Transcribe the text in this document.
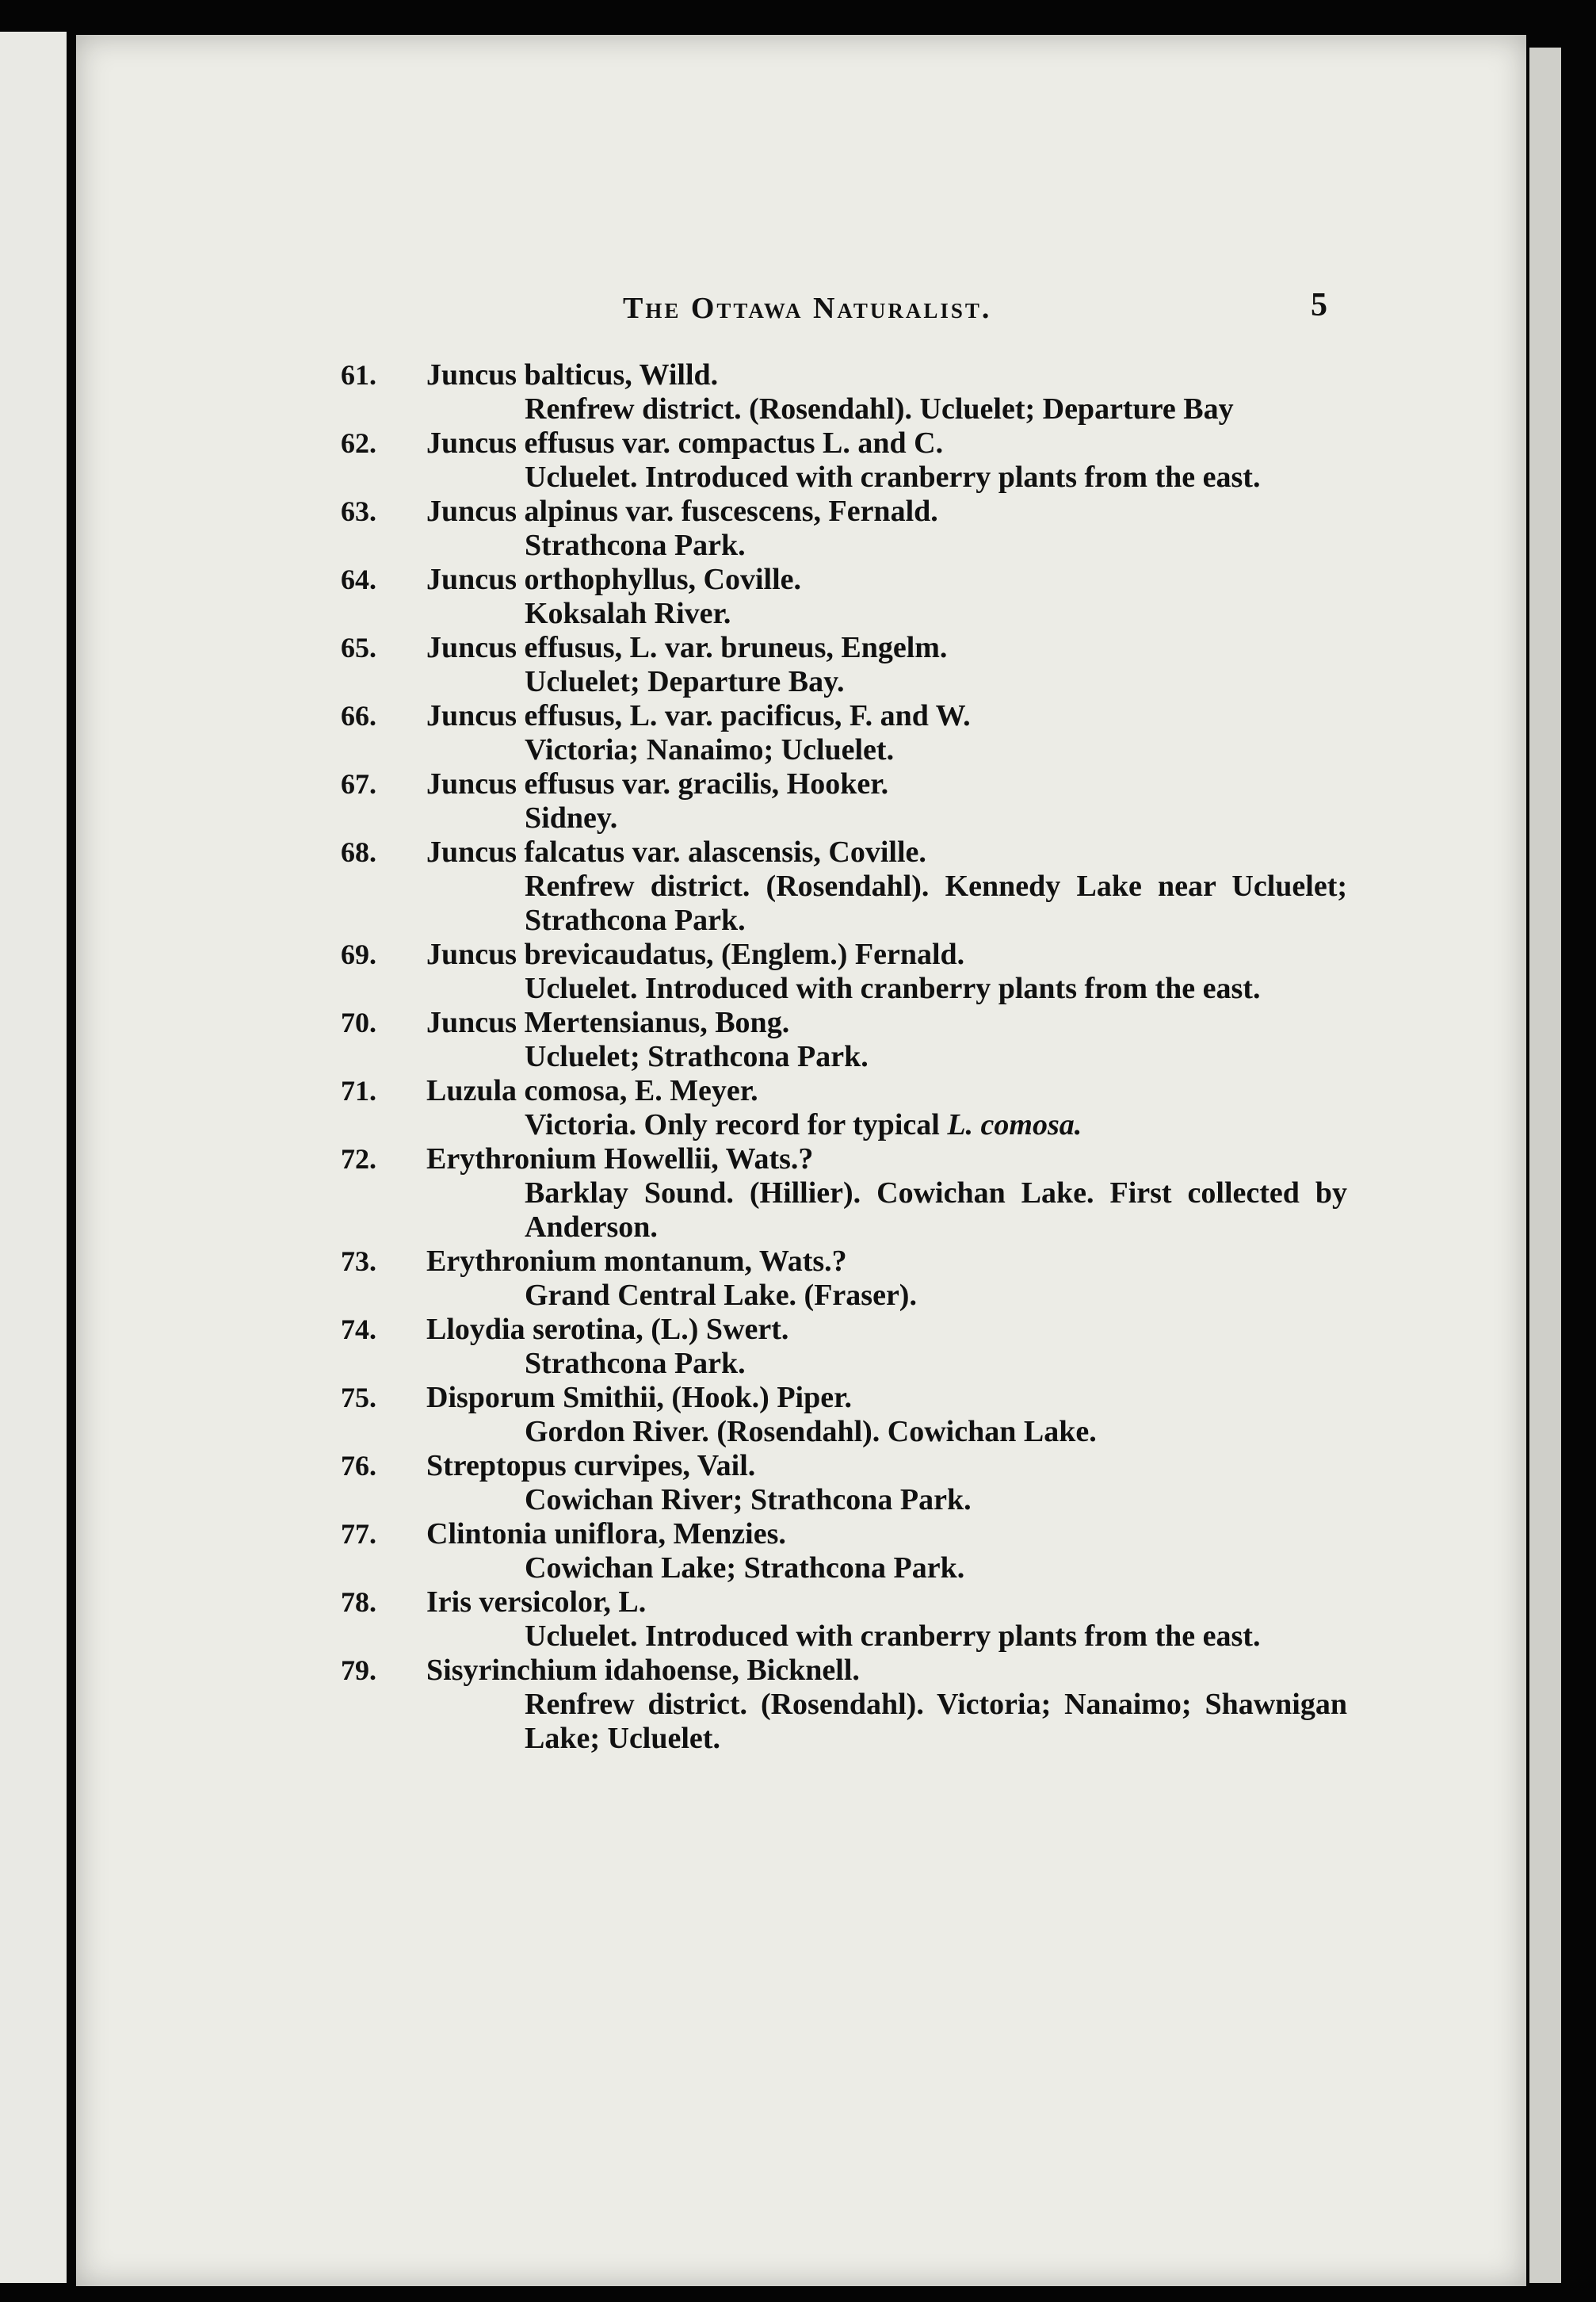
The Ottawa Naturalist.	5
61.	Juncus balticus, Willd.
Renfrew district. (Rosendahl). Ucluelet; Departure Bay
62.	Juncus effusus var. compactus L. and C.
Ucluelet. Introduced with cranberry plants from the east.
63.	Juncus alpinus var. fuscescens, Fernald.
Strathcona Park.
64.	Juncus orthophyllus, Coville.
Koksalah River.
65.	Juncus effusus, L. var. bruneus, Engelm.
Ucluelet; Departure Bay.
66.	Juncus effusus, L. var. pacificus, F. and W.
Victoria; Nanaimo; Ucluelet.
67.	Juncus effusus var. gracilis, Hooker.
Sidney.
68.	Juncus falcatus var. alascensis, Coville.
Renfrew district. (Rosendahl). Kennedy Lake near Ucluelet; Strathcona Park.
69.	Juncus brevicaudatus, (Englem.) Fernald.
Ucluelet. Introduced with cranberry plants from the east.
70.	Juncus Mertensianus, Bong.
Ucluelet; Strathcona Park.
71.	Luzula comosa, E. Meyer.
Victoria. Only record for typical L. comosa.
72.	Erythronium Howellii, Wats.?
Barklay Sound. (Hillier). Cowichan Lake. First collected by Anderson.
73.	Erythronium montanum, Wats.?
Grand Central Lake. (Fraser).
74.	Lloydia serotina, (L.) Swert.
Strathcona Park.
75.	Disporum Smithii, (Hook.) Piper.
Gordon River. (Rosendahl). Cowichan Lake.
76.	Streptopus curvipes, Vail.
Cowichan River; Strathcona Park.
77.	Clintonia uniflora, Menzies.
Cowichan Lake; Strathcona Park.
78.	Iris versicolor, L.
Ucluelet. Introduced with cranberry plants from the east.
79.	Sisyrinchium idahoense, Bicknell.
Renfrew district. (Rosendahl). Victoria; Nanaimo; Shawnigan Lake; Ucluelet.
